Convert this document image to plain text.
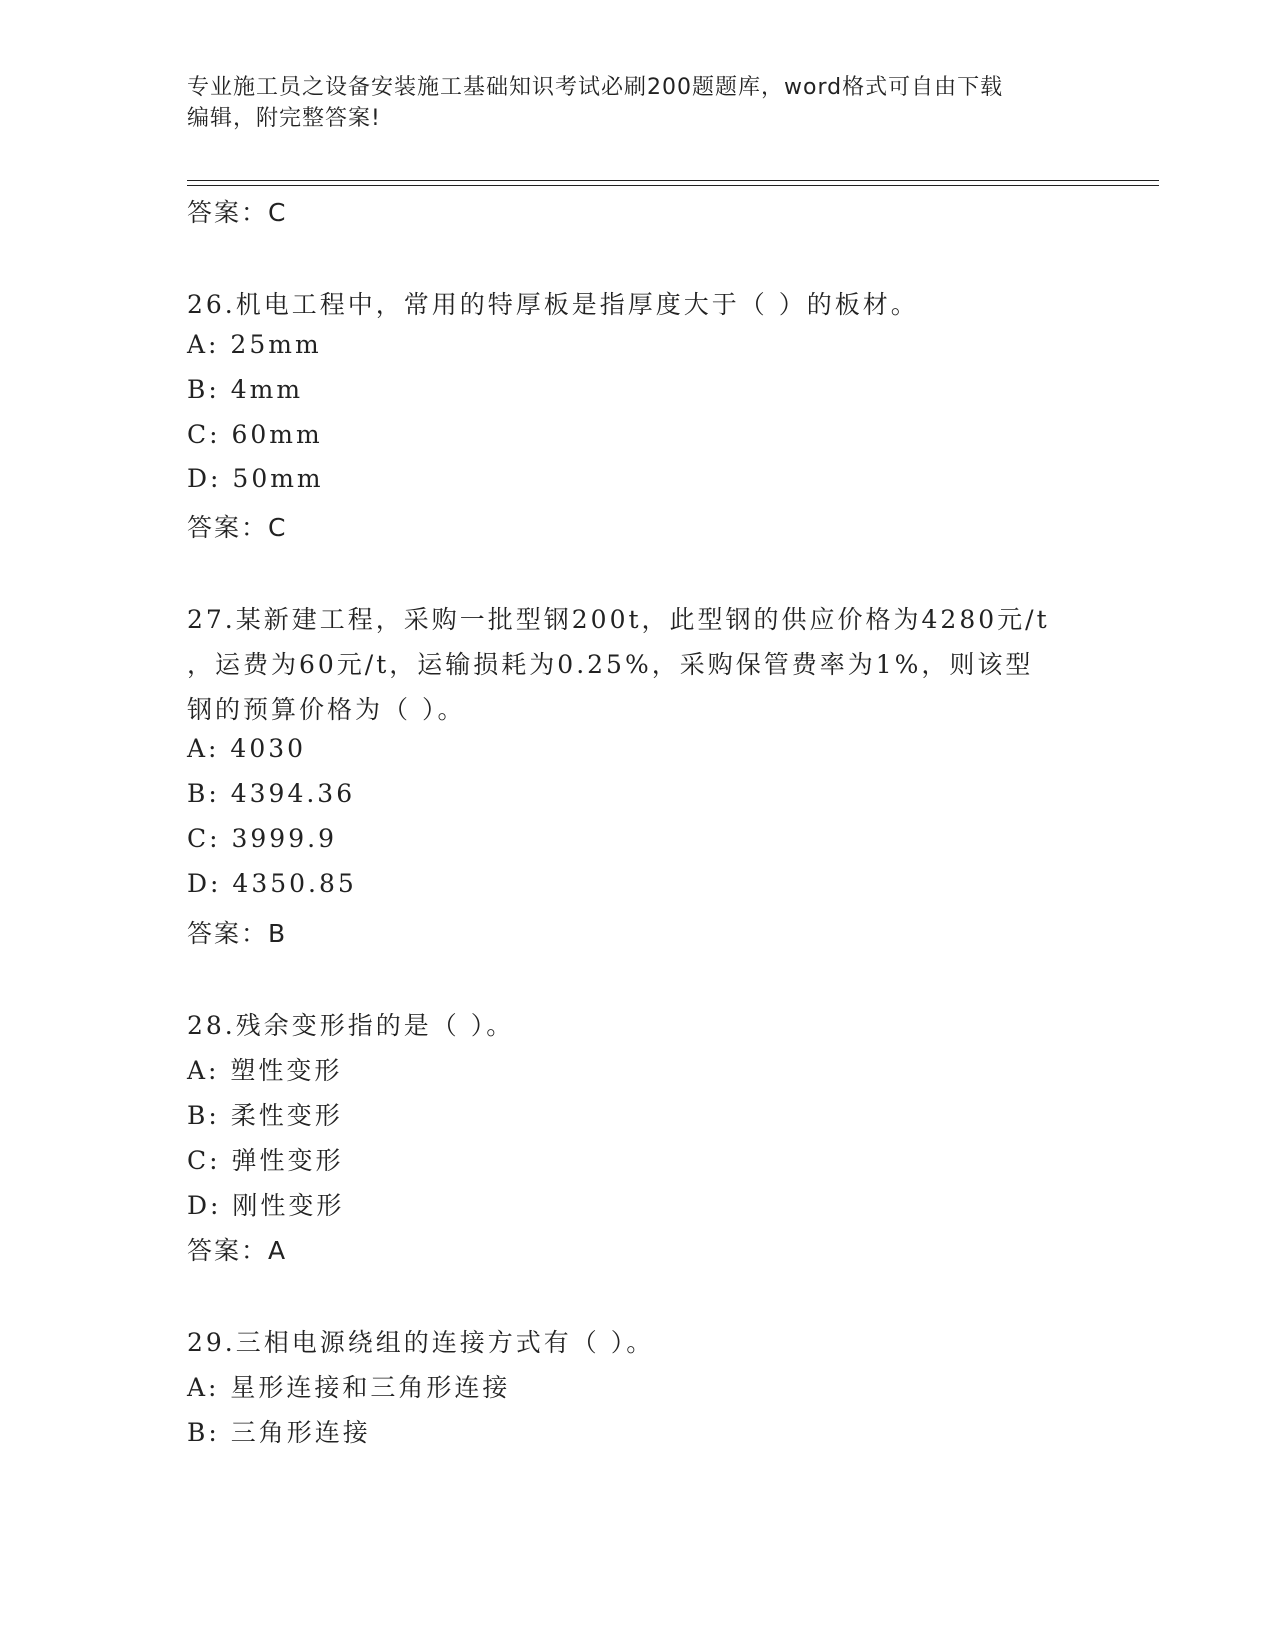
专业施工员之设备安装施工基础知识考试必刷200题题库，word格式可自由下载
编辑，附完整答案!
答案：C
26.机电工程中，常用的特厚板是指厚度大于（ ）的板材。
A: 25mm
B: 4mm
C: 60mm
D: 50mm
答案：C
27.某新建工程，采购一批型钢200t，此型钢的供应价格为4280元/t
，运费为60元/t，运输损耗为0.25%，采购保管费率为1%，则该型
钢的预算价格为（ ）。
A: 4030
B: 4394.36
C: 3999.9
D: 4350.85
答案：B
28.残余变形指的是（ ）。
A: 塑性变形
B: 柔性变形
C: 弹性变形
D: 刚性变形
答案：A
29.三相电源绕组的连接方式有（ ）。
A: 星形连接和三角形连接
B: 三角形连接
